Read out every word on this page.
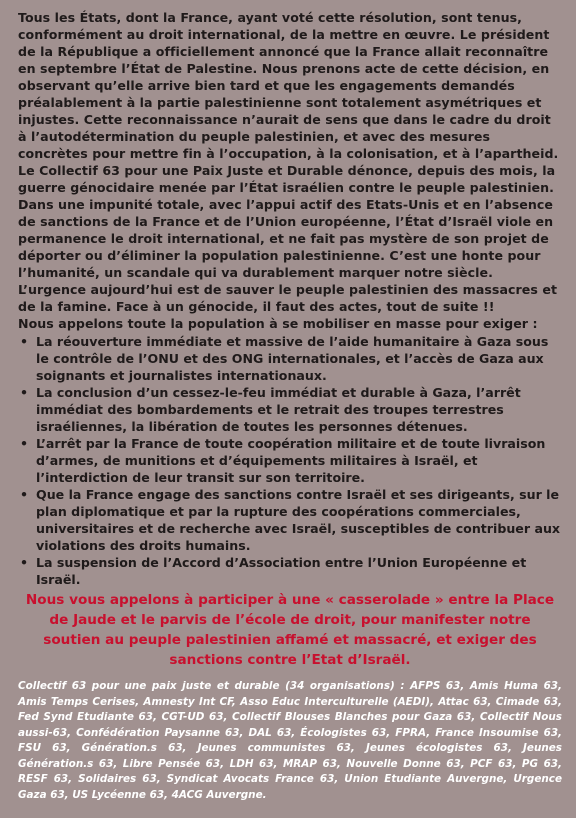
Tous les États, dont la France, ayant voté cette résolution, sont tenus, conformément au droit international, de la mettre en œuvre. Le président de la République a officiellement annoncé que la France allait reconnaître en septembre l’État de Palestine. Nous prenons acte de cette décision, en observant qu’elle arrive bien tard et que les engagements demandés préalablement à la partie palestinienne sont totalement asymétriques et injustes. Cette reconnaissance n’aurait de sens que dans le cadre du droit à l’autodétermination du peuple palestinien, et avec des mesures concrètes pour mettre fin à l’occupation, à la colonisation, et à l’apartheid.

Le Collectif 63 pour une Paix Juste et Durable dénonce, depuis des mois, la guerre génocidaire menée par l’État israélien contre le peuple palestinien. Dans une impunité totale, avec l’appui actif des Etats-Unis et en l’absence de sanctions de la France et de l’Union européenne, l’État d’Israël viole en permanence le droit international, et ne fait pas mystère de son projet de déporter ou d’éliminer la population palestinienne. C’est une honte pour l’humanité, un scandale qui va durablement marquer notre siècle.

L’urgence aujourd’hui est de sauver le peuple palestinien des massacres et de la famine. Face à un génocide, il faut des actes, tout de suite !!

Nous appelons toute la population à se mobiliser en masse pour exiger :

• La réouverture immédiate et massive de l’aide humanitaire à Gaza sous le contrôle de l’ONU et des ONG internationales, et l’accès de Gaza aux soignants et journalistes internationaux.
• La conclusion d’un cessez-le-feu immédiat et durable à Gaza, l’arrêt immédiat des bombardements et le retrait des troupes terrestres israéliennes, la libération de toutes les personnes détenues.
• L’arrêt par la France de toute coopération militaire et de toute livraison d’armes, de munitions et d’équipements militaires à Israël, et l’interdiction de leur transit sur son territoire.
• Que la France engage des sanctions contre Israël et ses dirigeants, sur le plan diplomatique et par la rupture des coopérations commerciales, universitaires et de recherche avec Israël, susceptibles de contribuer aux violations des droits humains.
• La suspension de l’Accord d’Association entre l’Union Européenne et Israël.

Nous vous appelons à participer à une « casserolade » entre la Place de Jaude et le parvis de l’école de droit, pour manifester notre soutien au peuple palestinien affamé et massacré, et exiger des sanctions contre l’Etat d’Israël.

Collectif 63 pour une paix juste et durable (34 organisations) : AFPS 63, Amis Huma 63, Amis Temps Cerises, Amnesty Int CF, Asso Educ Interculturelle (AEDI), Attac 63, Cimade 63, Fed Synd Etudiante 63, CGT-UD 63, Collectif Blouses Blanches pour Gaza 63, Collectif Nous aussi-63, Confédération Paysanne 63, DAL 63, Écologistes 63, FPRA, France Insoumise 63, FSU 63, Génération.s 63, Jeunes communistes 63, Jeunes écologistes 63, Jeunes Génération.s 63, Libre Pensée 63, LDH 63, MRAP 63, Nouvelle Donne 63, PCF 63, PG 63, RESF 63, Solidaires 63, Syndicat Avocats France 63, Union Etudiante Auvergne, Urgence Gaza 63, US Lycéenne 63, 4ACG Auvergne.
